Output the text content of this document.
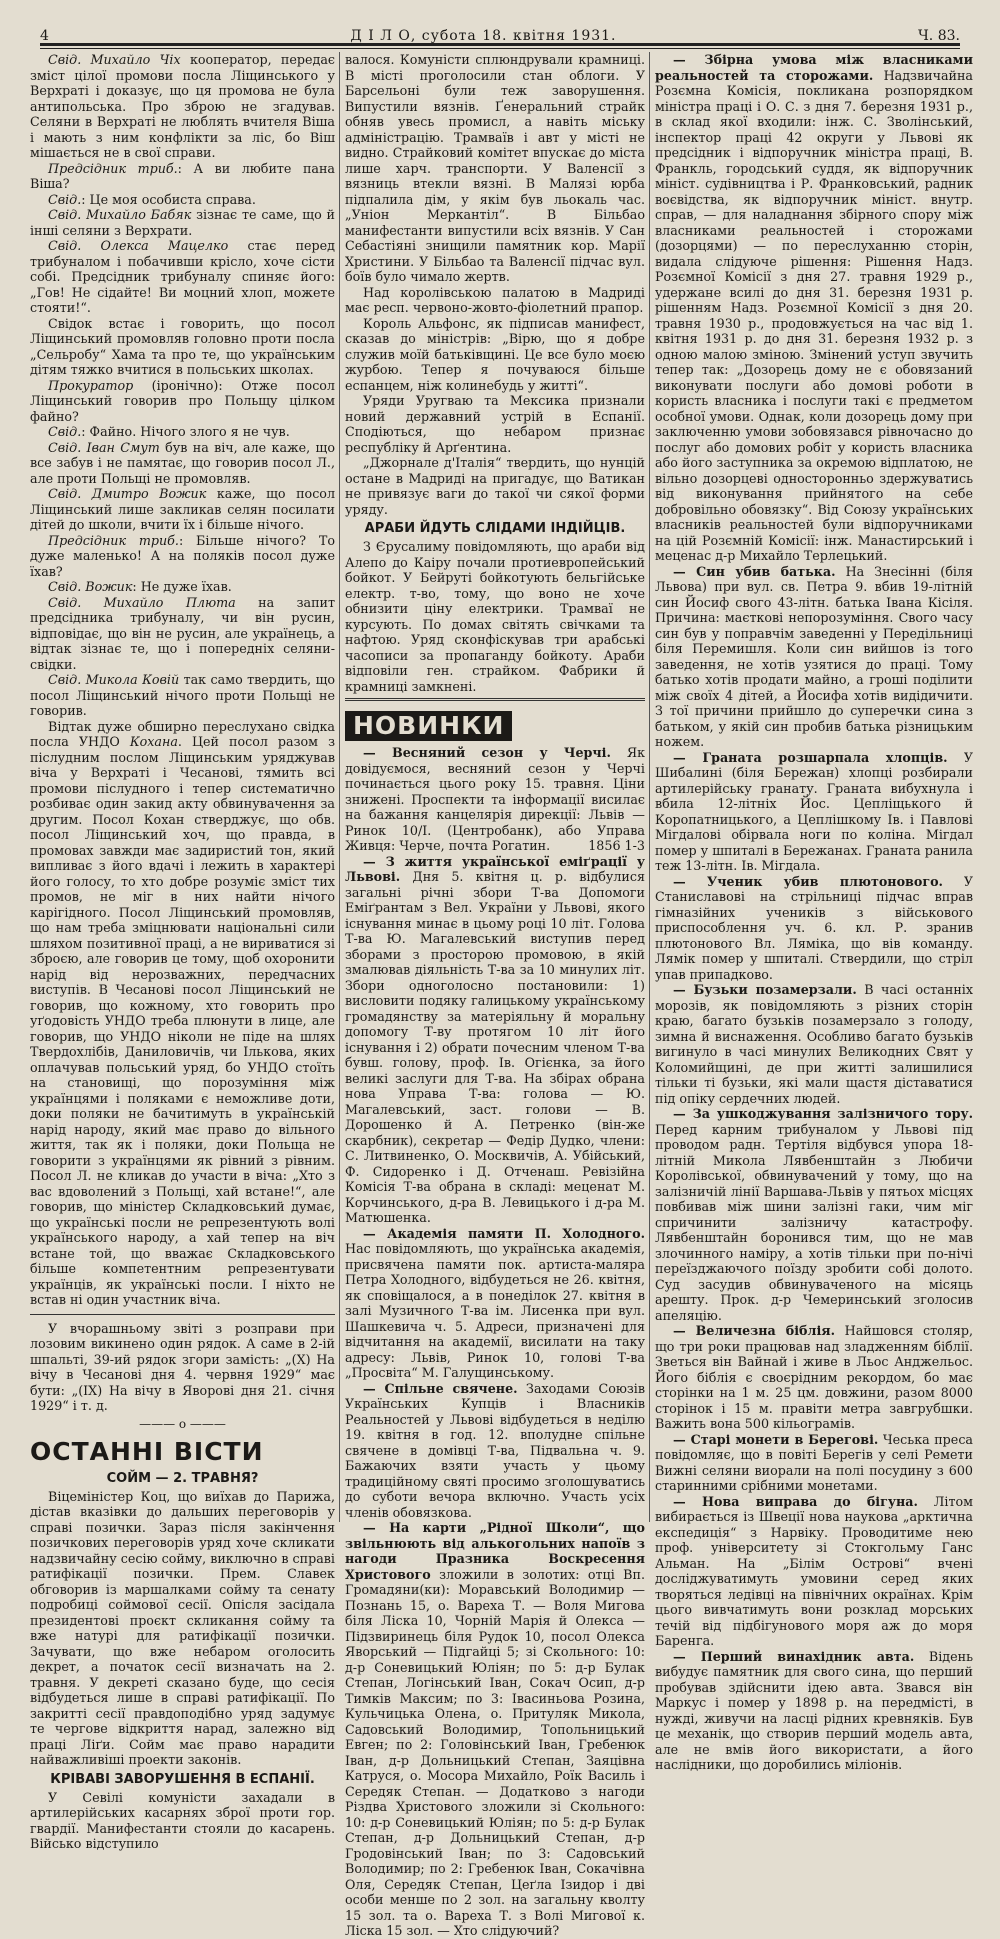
4	Д І Л О, субота 18. квітня 1931.	Ч. 83.

Свід. Михайло Чіх кооператор, передає зміст цілої промови посла Ліщинського у Верхраті і доказує, що ця промова не була антипольська. Про зброю не згадував. Селяни в Верхраті не люблять вчителя Віша і мають з ним конфлікти за ліс, бо Віш мішається не в свої справи.

Предсідник триб.: А ви любите пана Віша?

Свід.: Це моя особиста справа.

Свід. Михайло Бабяк зізнає те саме, що й інші селяни з Верхрати.

Свід. Олекса Мацелко стає перед трибуналом і побачивши крісло, хоче сісти собі. Предсідник трибуналу спиняє його: „Гов! Не сідайте! Ви моцний хлоп, можете стояти!“.

Свідок встає і говорить, що посол Ліщинський промовляв головно проти посла „Сельробу“ Хама та про те, що українським дітям тяжко вчитися в польських школах.

Прокуратор (іронічно): Отже посол Ліщинський говорив про Польщу цілком файно?

Свід.: Файно. Нічого злого я не чув.

Свід. Іван Смут був на віч, але каже, що все забув і не памятає, що говорив посол Л., але проти Польщі не промовляв.

Свід. Дмитро Вожик каже, що посол Ліщинський лише закликав селян посилати дітей до школи, вчити їх і більше нічого.

Предсідник триб.: Більше нічого? То дуже маленько! А на поляків посол дуже їхав?

Свід. Вожик: Не дуже їхав.

Свід. Михайло Плюта на запит предсідника трибуналу, чи він русин, відповідає, що він не русин, але українець, а відтак зізнає те, що і попередніх селяни-свідки.

Свід. Микола Ковій так само твердить, що посол Ліщинський нічого проти Польщі не говорив.

Відтак дуже обширно переслухано свідка посла УНДО Кохана. Цей посол разом з післудним послом Ліщинським уряджував віча у Верхраті і Чесанові, тямить всі промови післудного і тепер систематично розбиває один закид акту обвинувачення за другим. Посол Кохан стверджує, що обв. посол Ліщинський хоч, що правда, в промовах завжди має задиристий тон, який випливає з його вдачі і лежить в характері його голосу, то хто добре розуміє зміст тих промов, не міг в них найти нічого карігідного. Посол Ліщинський промовляв, що нам треба зміцнювати національні сили шляхом позитивної праці, а не вириватися зі зброєю, але говорив це тому, щоб охоронити нарід від нерозважних, передчасних виступів. В Чесанові посол Ліщинський не говорив, що кожному, хто говорить про уґодовість УНДО треба плюнути в лице, але говорив, що УНДО ніколи не піде на шлях Твердохлібів, Даниловичів, чи Ількова, яких оплачував польський уряд, бо УНДО стоїть на становищі, що порозуміння між українцями і поляками є неможливе доти, доки поляки не бачитимуть в українській нарід народу, який має право до вільного життя, так як і поляки, доки Польща не говорити з українцями як рівний з рівним. Посол Л. не кликав до участи в віча: „Хто з вас вдоволений з Польщі, хай встане!“, але говорив, що міністер Складковський думає, що українські посли не репрезентують волі українського народу, а хай тепер на віч встане той, що вважає Складковського більше компетентним репрезентувати українців, як українські посли. І ніхто не встав ні один участник віча.

У вчорашньому звіті з розправи при лозовим викинено один рядок. А саме в 2-ій шпальті, 39-ий рядок згори замість: „(Х) На вічу в Чесанові дня 4. червня 1929“ має бути: „(ІХ) На вічу в Яворові дня 21. січня 1929“ і т. д.

——— o ———
ОСТАННІ ВІСТИ
СОЙМ — 2. ТРАВНЯ?

Віцеміністер Коц, що виїхав до Парижа, дістав вказівки до дальших переговорів у справі позички. Зараз після закінчення позичкових переговорів уряд хоче скликати надзвичайну сесію сойму, виключно в справі ратифікації позички. Прем. Славек обговорив із маршалками сойму та сенату подробиці соймової сесії. Опісля засідала президентові проєкт скликання сойму та вже натурі для ратифікації позички. Зачувати, що вже небаром оголосить декрет, а початок сесії визначать на 2. травня. У декреті сказано буде, що сесія відбудеться лише в справі ратифікації. По закритті сесії правдоподібно уряд задумує те чергове відкриття нарад, залежно від праці Ліґи. Сойм має право нарадити найважливіші проекти законів.

КРІВАВІ ЗАВОРУШЕННЯ В ЕСПАНІЇ.

У Севілі комуністи захадали в артилерійських касарнях зброї проти гор. гвардії. Манифестанти стояли до касарень. Військо відступило

валося. Комуністи сплюндрували крамниці. В місті проголосили стан облоги. У Барсельоні були теж заворушення. Випустили вязнів. Ґенеральний страйк обняв увесь промисл, а навіть міську адміністрацію. Трамваїв і авт у місті не видно. Страйковий комітет впускає до міста лише харч. транспорти. У Валенсії з вязниць втекли вязні. В Малязі юрба підпалила дім, у якім був льокаль час. „Уніон Меркантіл“. В Більбао манифестанти випустили всіх вязнів. У Сан Себастіяні знищили памятник кор. Марії Христини. У Більбао та Валенсії підчас вул. боїв було чимало жертв.

Над королівською палатою в Мадриді має респ. червоно-жовто-фіолетний прапор.

Король Альфонс, як підписав манифест, сказав до міністрів: „Вірю, що я добре служив моїй батьківщині. Це все було моєю журбою. Тепер я почуваюся більше еспанцем, ніж колинебудь у житті“.

Уряди Уругваю та Мексика признали новий державний устрій в Еспанії. Сподіються, що небаром признає республіку й Арґентина.

„Джорнале д'Італія“ твердить, що нунцій остане в Мадриді на пригадує, що Ватикан не привязує ваги до такої чи сякої форми уряду.

АРАБИ ЙДУТЬ СЛІДАМИ ІНДІЙЦІВ.

З Єрусалиму повідомляють, що араби від Алепо до Каіру почали протиевропейський бойкот. У Бейруті бойкотують бельгійське електр. т-во, тому, що воно не хоче обнизити ціну електрики. Трамваї не курсують. По домах світять свічками та нафтою. Уряд сконфіскував три арабські часописи за пропаганду бойкоту. Араби відповіли ген. страйком. Фабрики й крамниці замкнені.

НОВИНКИ

— Весняний сезон у Черчі. Як довідуємося, весняний сезон у Черчі починається цього року 15. травня. Ціни знижені. Проспекти та інформації висилає на бажання канцелярія дирекції: Львів — Ринок 10/I. (Центробанк), або Управа Живця: Черче, почта Рогатин.	1856 1-3

— З життя української еміґрації у Львові. Дня 5. квітня ц. р. відбулися загальні річні збори Т-ва Допомоги Еміґрантам з Вел. України у Львові, якого існування минає в цьому році 10 літ. Голова Т-ва Ю. Магалевський виступив перед зборами з просторою промовою, в якій змалював діяльність Т-ва за 10 минулих літ. Збори одноголосно постановили: 1) висловити подяку галицькому українському громадянству за матеріяльну й моральну допомогу Т-ву протягом 10 літ його існування і 2) обрати почесним членом Т-ва бувш. голову, проф. Ів. Огієнка, за його великі заслуги для Т-ва. На збірах обрана нова Управа Т-ва: голова — Ю. Магалевський, заст. голови — В. Дорошенко й А. Петренко (він-же скарбник), секретар — Федір Дудко, члени: С. Литвиненко, О. Москвичів, А. Убійський, Ф. Сидоренко і Д. Отченаш. Ревізійна Комісія Т-ва обрана в складі: меценат М. Корчинського, д-ра В. Левицького і д-ра М. Матюшенка.

— Академія памяти П. Холодного. Нас повідомляють, що українська академія, присвячена памяти пок. артиста-маляра Петра Холодного, відбудеться не 26. квітня, як сповіщалося, а в понеділок 27. квітня в залі Музичного Т-ва ім. Лисенка при вул. Шашкевича ч. 5. Адреси, призначені для відчитання на академії, висилати на таку адресу: Львів, Ринок 10, голові Т-ва „Просвіта“ М. Галущинському.

— Спільне свячене. Заходами Союзів Українських Купців і Власників Реальностей у Львові відбудеться в неділю 19. квітня в год. 12. вполудне спільне свячене в домівці Т-ва, Підвальна ч. 9. Бажаючих взяти участь у цьому традиційному святі просимо зголошуватись до суботи вечора включно. Участь усіх членів обовязкова.

— На карти „Рідної Школи“, що звільнюють від алькогольних напоїв з нагоди Празника Воскресення Христового зложили в золотих: отці Вп. Громадяни(ки): Моравський Володимир — Познань 15, о. Вареха Т. — Воля Мигова біля Ліска 10, Чорній Марія й Олекса — Підзвиринець біля Рудок 10, посол Олекса Яворський — Підгайці 5; зі Скольного: 10: д-р Соневицький Юліян; по 5: д-р Булак Степан, Логінський Іван, Сокач Осип, д-р Тимків Максим; по 3: Івасиньова Розина, Кульчицька Олена, о. Притуляк Микола, Садовський Володимир, Топольницький Евген; по 2: Головінський Іван, Гребенюк Іван, д-р Дольницький Степан, Заяцівна Катруся, о. Мосора Михайло, Роїк Василь і Середяк Степан. — Додатково з нагоди Різдва Христового зложили зі Скольного: 10: д-р Соневицький Юліян; по 5: д-р Булак Степан, д-р Дольницький Степан, д-р Гродовінський Іван; по 3: Садовський Володимир; по 2: Гребенюк Іван, Сокачівна Оля, Середяк Степан, Цеґла Ізидор і дві особи менше по 2 зол. на загальну кволту 15 зол. та о. Вареха Т. з Волі Мигової к. Ліска 15 зол. — Хто слідуючий?

— Збірна умова між власниками реальностей та сторожами. Надзвичайна Розємна Комісія, покликана розпорядком міністра праці і О. С. з дня 7. березня 1931 р., в склад якої входили: інж. С. Зволінський, інспектор праці 42 округи у Львові як предсідник і відпоручник міністра праці, В. Франкль, городський суддя, як відпоручник мініст. судівництва і Р. Франковський, радник воєвідства, як відпоручник мініст. внутр. справ, — для наладнання збірного спору між власниками реальностей і сторожами (дозорцями) — по переслуханню сторін, видала слідуюче рішення: Рішення Надз. Розємної Комісії з дня 27. травня 1929 р., удержане всилі до дня 31. березня 1931 р. рішенням Надз. Розємної Комісії з дня 20. травня 1930 р., продовжується на час від 1. квітня 1931 р. до дня 31. березня 1932 р. з одною малою зміною. Змінений уступ звучить тепер так: „Дозорець дому не є обовязаний виконувати послуги або домові роботи в користь власника і послуги такі є предметом особної умови. Однак, коли дозорець дому при заключенню умови зобовязався рівночасно до послуг або домових робіт у користь власника або його заступника за окремою відплатою, не вільно дозорцеві односторонньо здержуватись від виконування прийнятого на себе добровільно обовязку“. Від Союзу українських власників реальностей були відпоручниками на цій Розємній Комісії: інж. Манастирський і меценас д-р Михайло Терлецький.

— Син убив батька. На Знесінні (біля Львова) при вул. св. Петра 9. вбив 19-літній син Йосиф свого 43-літн. батька Івана Кісіля. Причина: маєткові непорозуміння. Свого часу син був у поправчім заведенні у Передільниці біля Перемишля. Коли син вийшов із того заведення, не хотів узятися до праці. Тому батько хотів продати майно, а гроші поділити між своїх 4 дітей, а Йосифа хотів видідичити. З тої причини прийшло до суперечки сина з батьком, у якій син пробив батька різницьким ножем.

— Граната розшарпала хлопців. У Шибалині (біля Бережан) хлопці розбирали артилерійську гранату. Граната вибухнула і вбила 12-літніх Йос. Цепліщького й Коропатницького, а Цеплішкому Ів. і Павлові Мігдалові обірвала ноги по коліна. Мігдал помер у шпиталі в Бережанах. Граната ранила теж 13-літн. Ів. Мігдала.

— Ученик убив плютонового. У Станиславові на стрільниці підчас вправ гімназійних учеників з військового приспособлення уч. 6. кл. Р. зранив плютонового Вл. Ляміка, що вів команду. Лямік помер у шпиталі. Ствердили, що стріл упав припадково.

— Бузьки позамерзали. В часі останніх морозів, як повідомляють з різних сторін краю, багато бузьків позамерзало з голоду, зимна й виснаження. Особливо багато бузьків вигинуло в часі минулих Великодних Свят у Коломийщині, де при житті залишилися тільки ті бузьки, які мали щастя діставатися під опіку сердечних людей.

— За ушкоджування залізничого тору. Перед карним трибуналом у Львові під проводом радн. Тертіля відбувся упора 18-літній Микола Лявбенштайн з Любичи Королівської, обвинувачений у тому, що на залізничій лінії Варшава-Львів у пятьох місцях повбивав між шини залізні гаки, чим міг спричинити залізничу катастрофу. Лявбенштайн боронився тим, що не мав злочинного наміру, а хотів тільки при по-нічі переїзджаючого поїзду зробити собі долото. Суд засудив обвинуваченого на місяць арешту. Прок. д-р Чемеринський зголосив апеляцію.

— Величезна біблія. Найшовся столяр, що три роки працював над зладженням біблії. Зветься він Вайнай і живе в Льос Анджельос. Його біблія є своєрідним рекордом, бо має сторінки на 1 м. 25 цм. довжини, разом 8000 сторінок і 15 м. правіти метра завгрубшки. Важить вона 500 кільограмів.

— Старі монети в Берегові. Чеська преса повідомляє, що в повіті Берегів у селі Ремети Вижні селяни виорали на полі посудину з 600 старинними срібними монетами.

— Нова виправа до бігуна. Літом вибирається із Швеції нова наукова „арктична експедиція“ з Нарвіку. Проводитиме нею проф. університету зі Стокгольму Ганс Альман. На „Білім Острові“ вчені досліджуватимуть умовини серед яких творяться ледівці на північних окраїнах. Крім цього вивчатимуть вони розклад морських течій від підбігунового моря аж до моря Баренга.

— Перший винахідник авта. Відень вибудує памятник для свого сина, що перший пробував здійснити ідею авта. Звався він Маркус і помер у 1898 р. на передмісті, в нужді, живучи на ласці рідних кревняків. Був це механік, що створив перший модель авта, але не вмів його використати, а його наслідники, що доробились міліонів.
